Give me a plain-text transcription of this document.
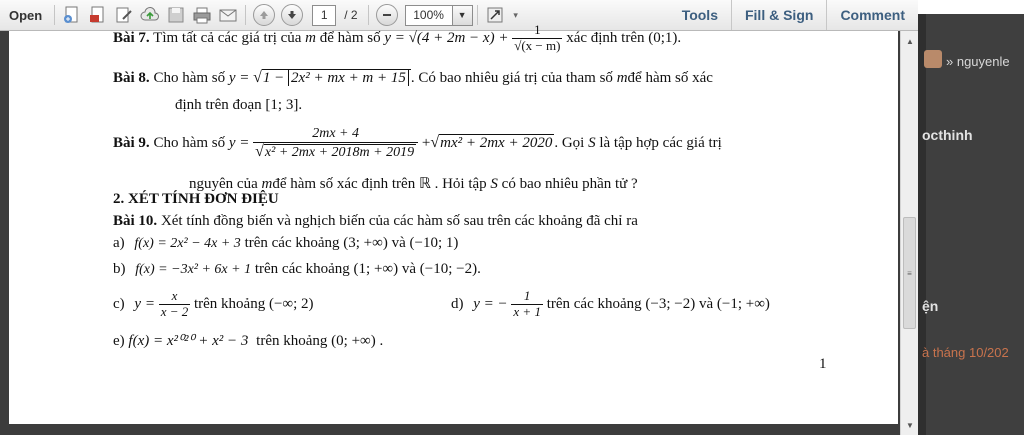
Open	1	/ 2	100%	▼	▾	Tools	Fill & Sign	Comment
Bài 7. Tìm tất cả các giá trị của m để hàm số $y = √(4 + 2m - x) + \frac{1}{√(x - m)}$ xác định trên (0;1).
Bài 8. Cho hàm số y = √1 − 2x² + mx + m + 15 . Có bao nhiêu giá trị của tham số mđể hàm số xác
định trên đoạn [1; 3].
Bài 9. Cho hàm số $y = \frac{2mx + 4}{\text{√x² + 2mx + 2018m + 2019}} +√mx^2 + 2mx + 2020$ . Gọi S là tập hợp các giá trị
nguyên của mđể hàm số xác định trên ℝ . Hỏi tập S có bao nhiêu phần tử ?
2. XÉT TÍNH ĐƠN ĐIỆU
Bài 10. Xét tính đồng biến và nghịch biến của các hàm số sau trên các khoảng đã chỉ ra
a) f(x) = 2x² − 4x + 3 trên các khoảng (3; +∞) và (−10; 1)
b) f(x) = −3x² + 6x + 1 trên các khoảng (1; +∞) và (−10; −2).
c) $y = \frac{x}{x - 2}$ trên khoảng (−∞; 2)	d) y = − $\frac{1}{x + 1}$ trên các khoảng (−3; −2) và (−1; +∞)
e) f(x) = x²⁰²⁰ + x² − 3 trên khoảng (0; +∞) .
1
▲
≡
▼
» nguyenle
octhinh
ện
à tháng 10/202
